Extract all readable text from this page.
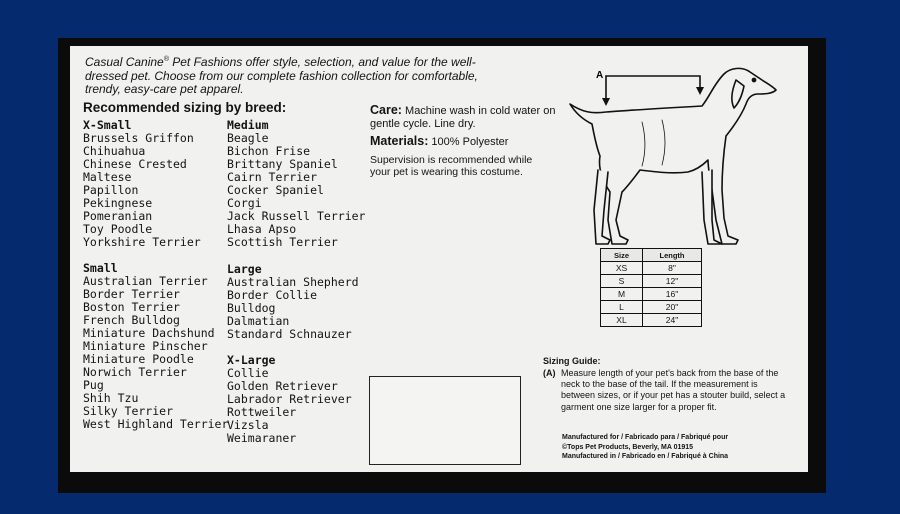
Casual Canine® Pet Fashions offer style, selection, and value for the well-dressed pet. Choose from our complete fashion collection for comfortable, trendy, easy-care pet apparel.
Recommended sizing by breed:
X-Small
Brussels Griffon
Chihuahua
Chinese Crested
Maltese
Papillon
Pekingnese
Pomeranian
Toy Poodle
Yorkshire Terrier
Small
Australian Terrier
Border Terrier
Boston Terrier
French Bulldog
Miniature Dachshund
Miniature Pinscher
Miniature Poodle
Norwich Terrier
Pug
Shih Tzu
Silky Terrier
West Highland Terrier
Medium
Beagle
Bichon Frise
Brittany Spaniel
Cairn Terrier
Cocker Spaniel
Corgi
Jack Russell Terrier
Lhasa Apso
Scottish Terrier
Large
Australian Shepherd
Border Collie
Bulldog
Dalmatian
Standard Schnauzer
X-Large
Collie
Golden Retriever
Labrador Retriever
Rottweiler
Vizsla
Weimaraner
Care: Machine wash in cold water on gentle cycle. Line dry.
Materials: 100% Polyester
Supervision is recommended while your pet is wearing this costume.
A
Size	Length
XS	8"
S	12"
M	16"
L	20"
XL	24"
Sizing Guide:
(A) Measure length of your pet's back from the base of the neck to the base of the tail. If the measurement is between sizes, or if your pet has a stouter build, select a garment one size larger for a proper fit.
Manufactured for / Fabricado para / Fabriqué pour
©Tops Pet Products, Beverly, MA 01915
Manufactured in / Fabricado en / Fabriqué à China
